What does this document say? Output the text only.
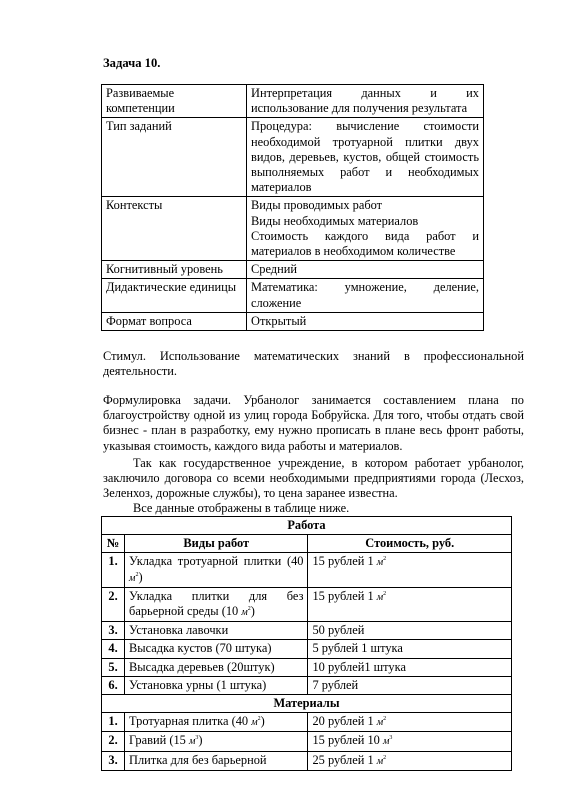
Задача 10.
Развиваемые компетенции	Интерпретация данных и их использование для получения результата
Тип заданий	Процедура: вычисление стоимости необходимой тротуарной плитки двух видов, деревьев, кустов, общей стоимость выполняемых работ и необходимых материалов
Контексты	Виды проводимых работ
Виды необходимых материалов
Стоимость каждого вида работ и материалов в необходимом количестве

Когнитивный уровень	Средний
Дидактические единицы	Математика: умножение, деление, сложение
Формат вопроса	Открытый
Стимул. Использование математических знаний в профессиональной деятельности.
Формулировка задачи. Урбанолог занимается составлением плана по благоустройству одной из улиц города Бобруйска. Для того, чтобы отдать свой бизнес - план в разработку, ему нужно прописать в плане весь фронт работы, указывая стоимость, каждого вида работы и материалов.
Так как государственное учреждение, в котором работает урбанолог, заключило договора со всеми необходимыми предприятиями города (Лесхоз, Зеленхоз, дорожные службы), то цена заранее известна.
Все данные отображены в таблице ниже.
Работа		
№	Виды работ	Стоимость, руб.
1.	Укладка тротуарной плитки (40 $м^2$)	15 рублей 1 $м^2$
2.	Укладка плитки для без барьерной среды (10 $м^2$)	15 рублей 1 $м^2$
3.	Установка лавочки	50 рублей
4.	Высадка кустов (70 штука)	5 рублей 1 штука
5.	Высадка деревьев (20штук)	10 рублей1 штука
6.	Установка урны (1 штука)	7 рублей
Материалы		
1.	Тротуарная плитка (40 $м^2$)	20 рублей 1 $м^2$
2.	Гравий (15 $м^3$)	15 рублей 10 $м^3$
3.	Плитка для без барьерной	25 рублей 1 $м^2$
